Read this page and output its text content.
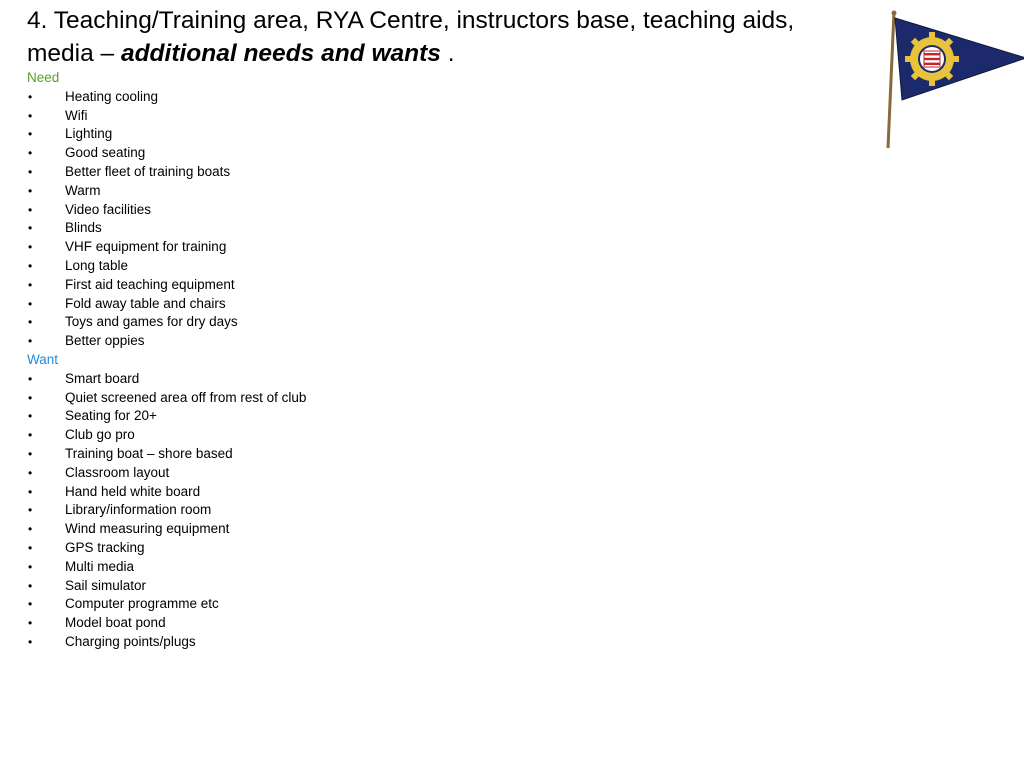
4. Teaching/Training area, RYA Centre, instructors base, teaching aids, media – additional needs and wants .
Need
• Heating cooling
• Wifi
• Lighting
• Good seating
• Better fleet of training boats
• Warm
• Video facilities
• Blinds
• VHF equipment for training
• Long table
• First aid teaching equipment
• Fold away table and chairs
• Toys and games for dry days
• Better oppies
Want
• Smart board
• Quiet screened area off from rest of club
• Seating for 20+
• Club go pro
• Training boat – shore based
• Classroom layout
• Hand held white board
• Library/information room
• Wind measuring equipment
• GPS tracking
• Multi media
• Sail simulator
• Computer programme etc
• Model boat pond
• Charging points/plugs
